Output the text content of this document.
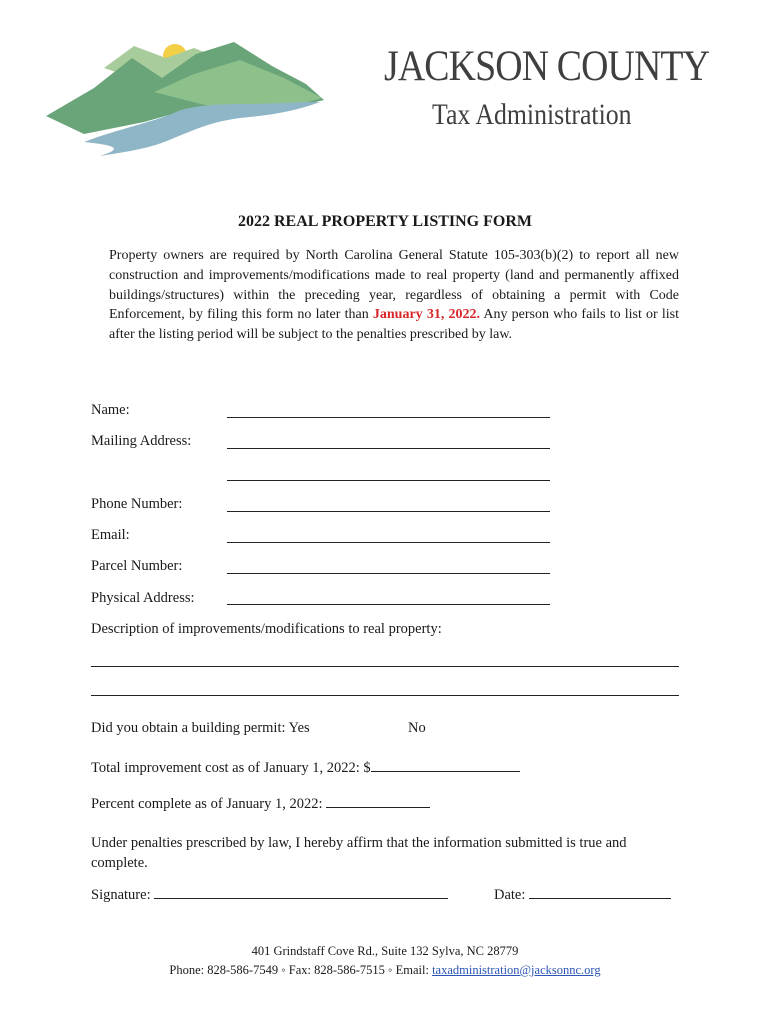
JACKSON COUNTY
Tax Administration
2022 REAL PROPERTY LISTING FORM
Property owners are required by North Carolina General Statute 105-303(b)(2) to report all new construction and improvements/modifications made to real property (land and permanently affixed buildings/structures) within the preceding year, regardless of obtaining a permit with Code Enforcement, by filing this form no later than January 31, 2022. Any person who fails to list or list after the listing period will be subject to the penalties prescribed by law.
Name:
Mailing Address:
Phone Number:
Email:
Parcel Number:
Physical Address:
Description of improvements/modifications to real property:
Did you obtain a building permit: Yes	No
Total improvement cost as of January 1, 2022: $
Percent complete as of January 1, 2022:
Under penalties prescribed by law, I hereby affirm that the information submitted is true and complete.
Signature:	Date:
401 Grindstaff Cove Rd., Suite 132 Sylva, NC 28779
Phone: 828-586-7549 ◦ Fax: 828-586-7515 ◦ Email: taxadministration@jacksonnc.org
